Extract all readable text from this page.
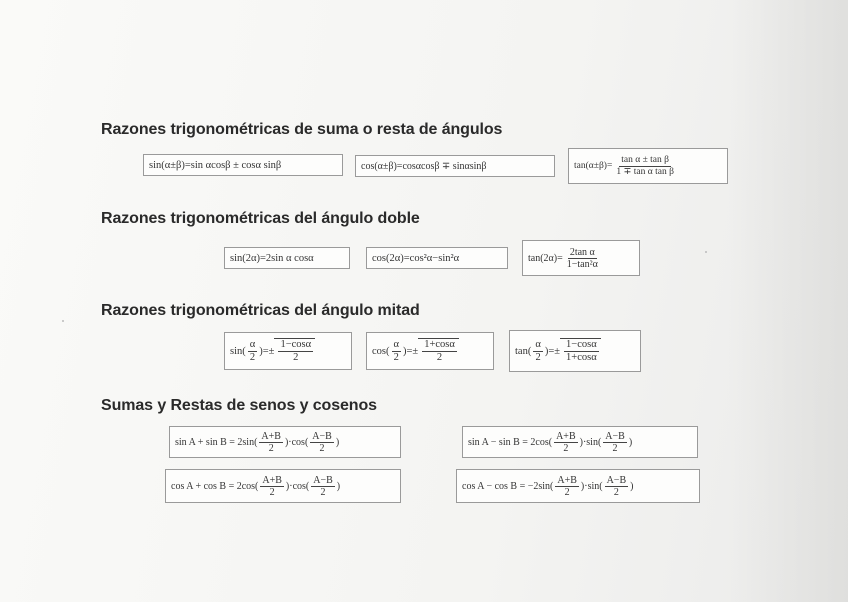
Razones trigonométricas de suma o resta de ángulos
sin(α±β)=sin αcosβ ± cosα sinβ	cos(α±β)=cosαcosβ ∓ sinαsinβ	$\tan(\alpha\pm\beta)= \frac{\text{tan α ± tan β}}{\text{1 ∓ tan α tan β}}$
Razones trigonométricas del ángulo doble
sin(2α)=2sin α cosα	cos(2α)=cos²α−sin²α	$\tan(2\alpha)= \frac{\text{2tan α}}{\text{1−tan²α}}$
Razones trigonométricas del ángulo mitad
$\sin( \frac{\alpha}{2}$ )=± $\frac{1-\cos\alpha}{2}$	$\cos( \frac{\alpha}{2}$ )=± $\frac{1+\cos\alpha}{2}$	$\tan( \frac{\alpha}{2}$ )=± $\frac{1-\cos\alpha}{1+\cos\alpha}$
Sumas y Restas de senos y cosenos
$\sin A + \sin B = 2\sin( \frac{A+B}{2} )\cdot\cos( \frac{A-B}{2}$ )	$\sin A - \sin B = 2\cos( \frac{A+B}{2} )\cdot\sin( \frac{A-B}{2}$ )
$\cos A + \cos B = 2\cos( \frac{A+B}{2} )\cdot\cos( \frac{A-B}{2}$ )	$\cos A - \cos B = -2\sin( \frac{A+B}{2} )\cdot\sin( \frac{A-B}{2}$ )
